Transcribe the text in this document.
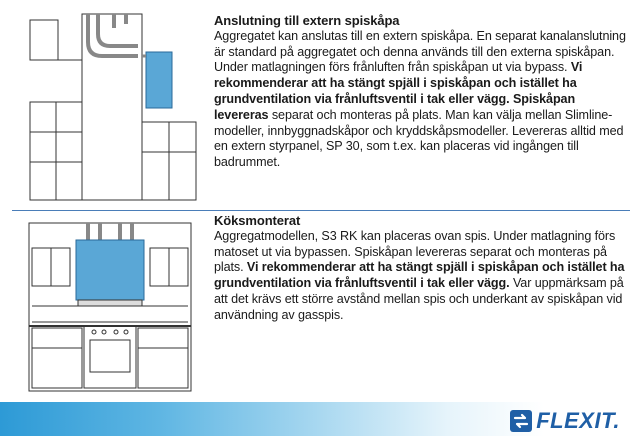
Anslutning till extern spiskåpa
Aggregatet kan anslutas till en extern spiskåpa. En separat kanalanslutning är standard på aggregatet och denna används till den externa spiskåpan. Under matlagningen förs frånluften från spiskåpan ut via bypass. Vi rekommenderar att ha stängt spjäll i spiskåpan och istället ha grundventilation via frånluftsventil i tak eller vägg. Spiskåpan levereras separat och monteras på plats. Man kan välja mellan Slimline-modeller, innbyggnadskåpor och kryddskåpsmodeller. Levereras alltid med en extern styrpanel, SP 30, som t.ex. kan placeras vid ingången till badrummet.
Köksmonterat
Aggregatmodellen, S3 RK kan placeras ovan spis. Under matlagning förs matoset ut via bypassen. Spiskåpan levereras separat och monteras på plats. Vi rekommenderar att ha stängt spjäll i spiskåpan och istället ha grundventilation via frånluftsventil i tak eller vägg. Var uppmärksam på att det krävs ett större avstånd mellan spis och underkant av spiskåpan vid användning av gasspis.
FLEXIT.
